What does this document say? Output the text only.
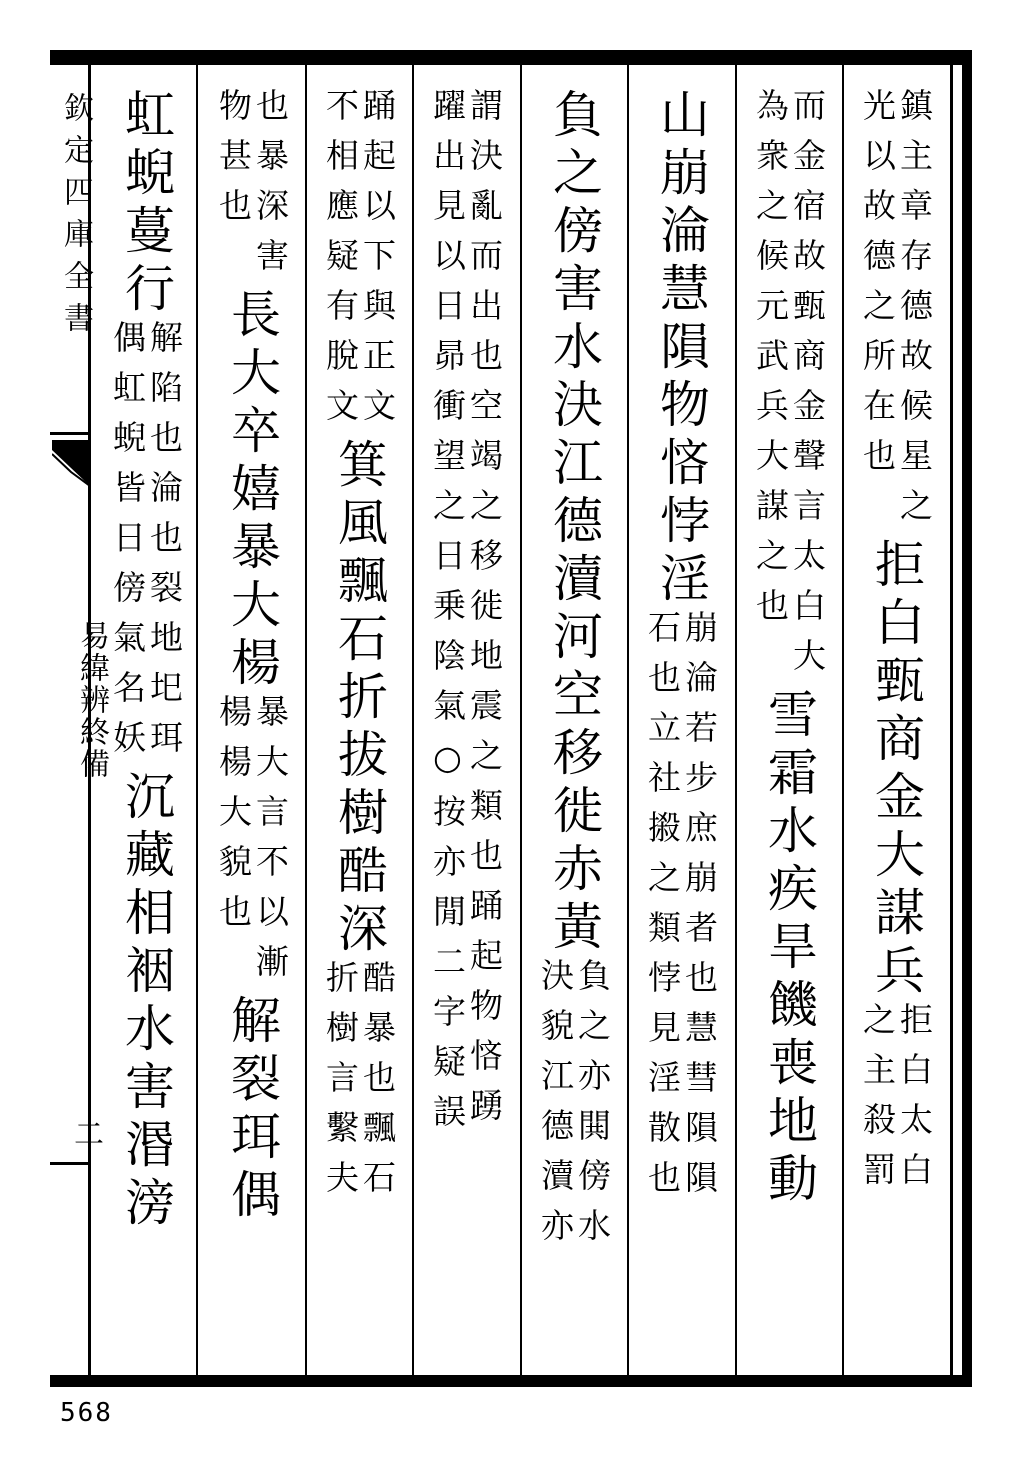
欽定四庫全書
易緯辨終備
二
鎮主章存德故候星之
光以故德之所在也
拒白甄商金大謀兵
拒白太白
之主殺罰
而金宿故甄商金聲言太白大
為衆之候元武兵大謀之也
雪霜水疾旱饑喪地動
山崩淪慧隕物悋悖淫
崩淪若步庶崩者也慧彗隕隕
石也立社摋之類悖見淫散也
負之傍害水決江德瀆河空移徙赤黃
負之亦閧傍水
決貌江德瀆亦
謂決亂而出也空竭之移徙地震之類也踊起物悋踴
躍出見以日昴衝望之日乗陰氣○按亦閒二字疑誤
踊起以下與正文
不相應疑有脫文
箕風飄石折拔樹酷深
酷暴也飄石
折樹言繫夫
也暴深害
物甚也
長大卒嬉暴大楊
暴大言不以漸
楊楊大貌也
解裂珥偶
虹蜺蔓行
解陷也淪也裂地圯珥
偶虹蜺皆日傍氣名妖
沉藏相裀水害湣滂
568
